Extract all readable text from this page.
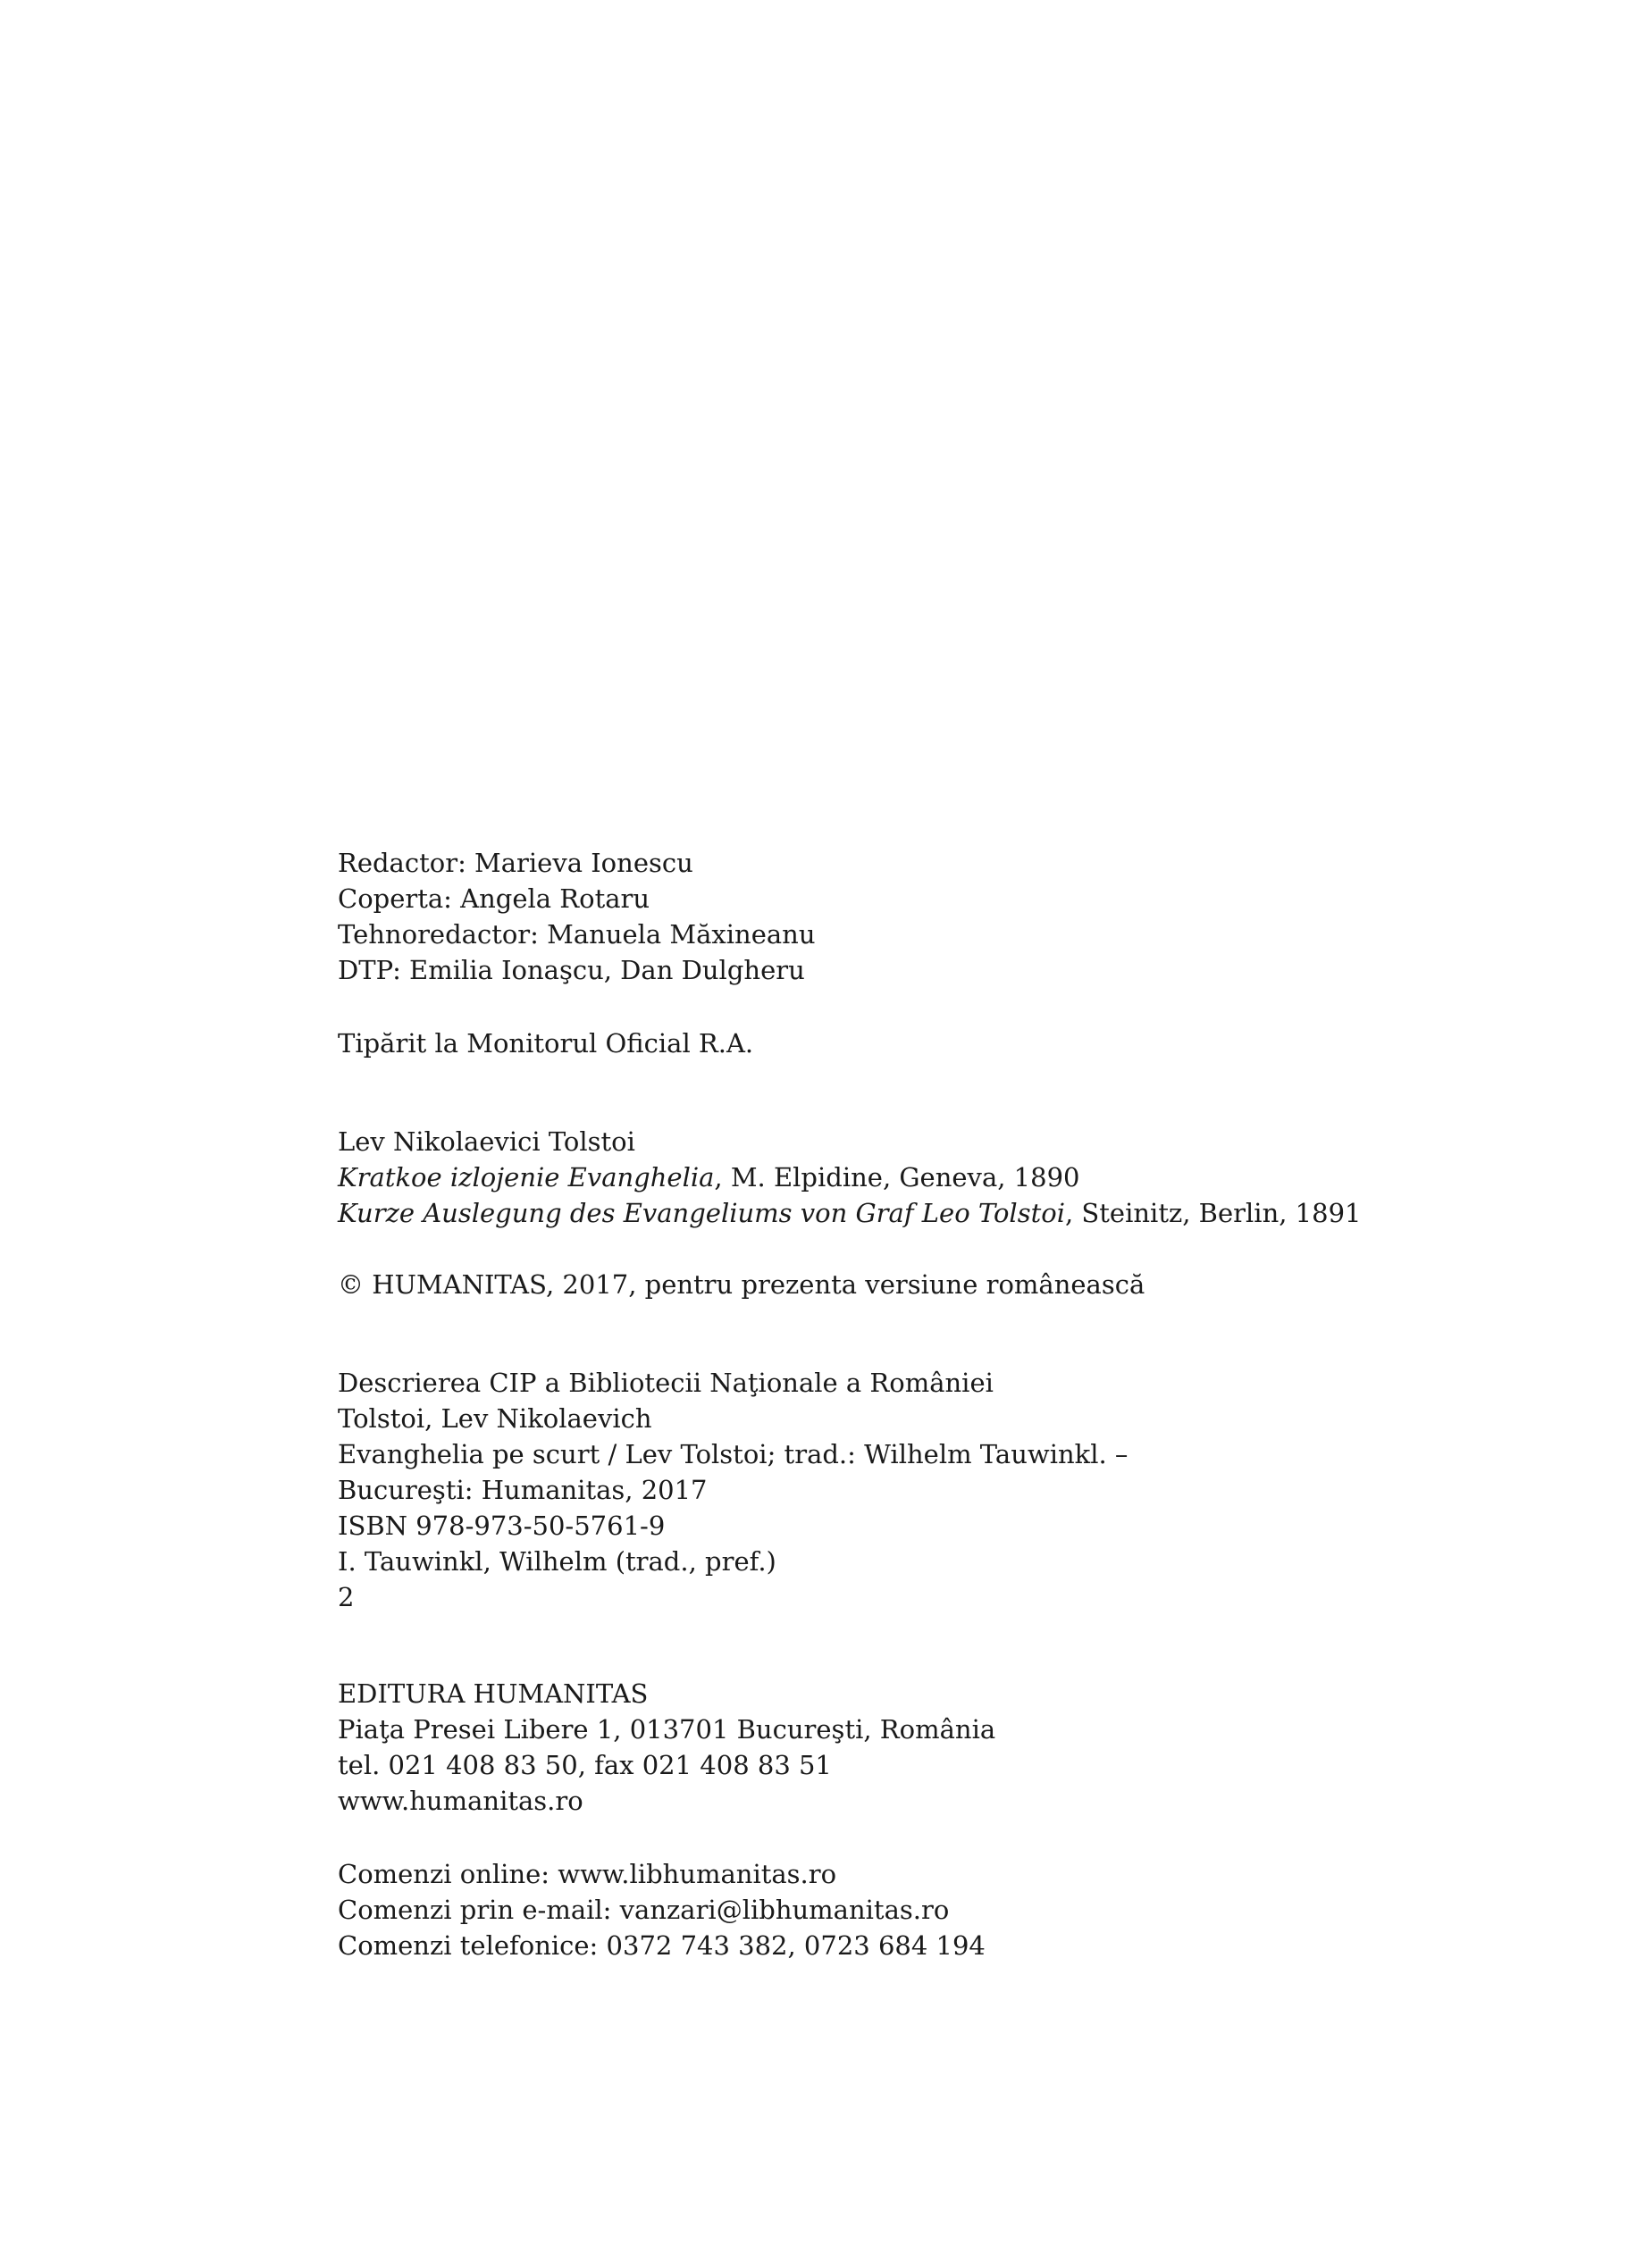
Redactor: Marieva Ionescu
Coperta: Angela Rotaru
Tehnoredactor: Manuela Măxineanu
DTP: Emilia Ionaşcu, Dan Dulgheru
Tipărit la Monitorul Oficial R.A.
Lev Nikolaevici Tolstoi
Kratkoe izlojenie Evanghelia, M. Elpidine, Geneva, 1890
Kurze Auslegung des Evangeliums von Graf Leo Tolstoi, Steinitz, Berlin, 1891
© HUMANITAS, 2017, pentru prezenta versiune românească
Descrierea CIP a Bibliotecii Naţionale a României
Tolstoi, Lev Nikolaevich
Evanghelia pe scurt / Lev Tolstoi; trad.: Wilhelm Tauwinkl. –
Bucureşti: Humanitas, 2017
ISBN 978-973-50-5761-9
I. Tauwinkl, Wilhelm (trad., pref.)
2
EDITURA HUMANITAS
Piaţa Presei Libere 1, 013701 Bucureşti, România
tel. 021 408 83 50, fax 021 408 83 51
www.humanitas.ro
Comenzi online: www.libhumanitas.ro
Comenzi prin e-mail: vanzari@libhumanitas.ro
Comenzi telefonice: 0372 743 382, 0723 684 194
